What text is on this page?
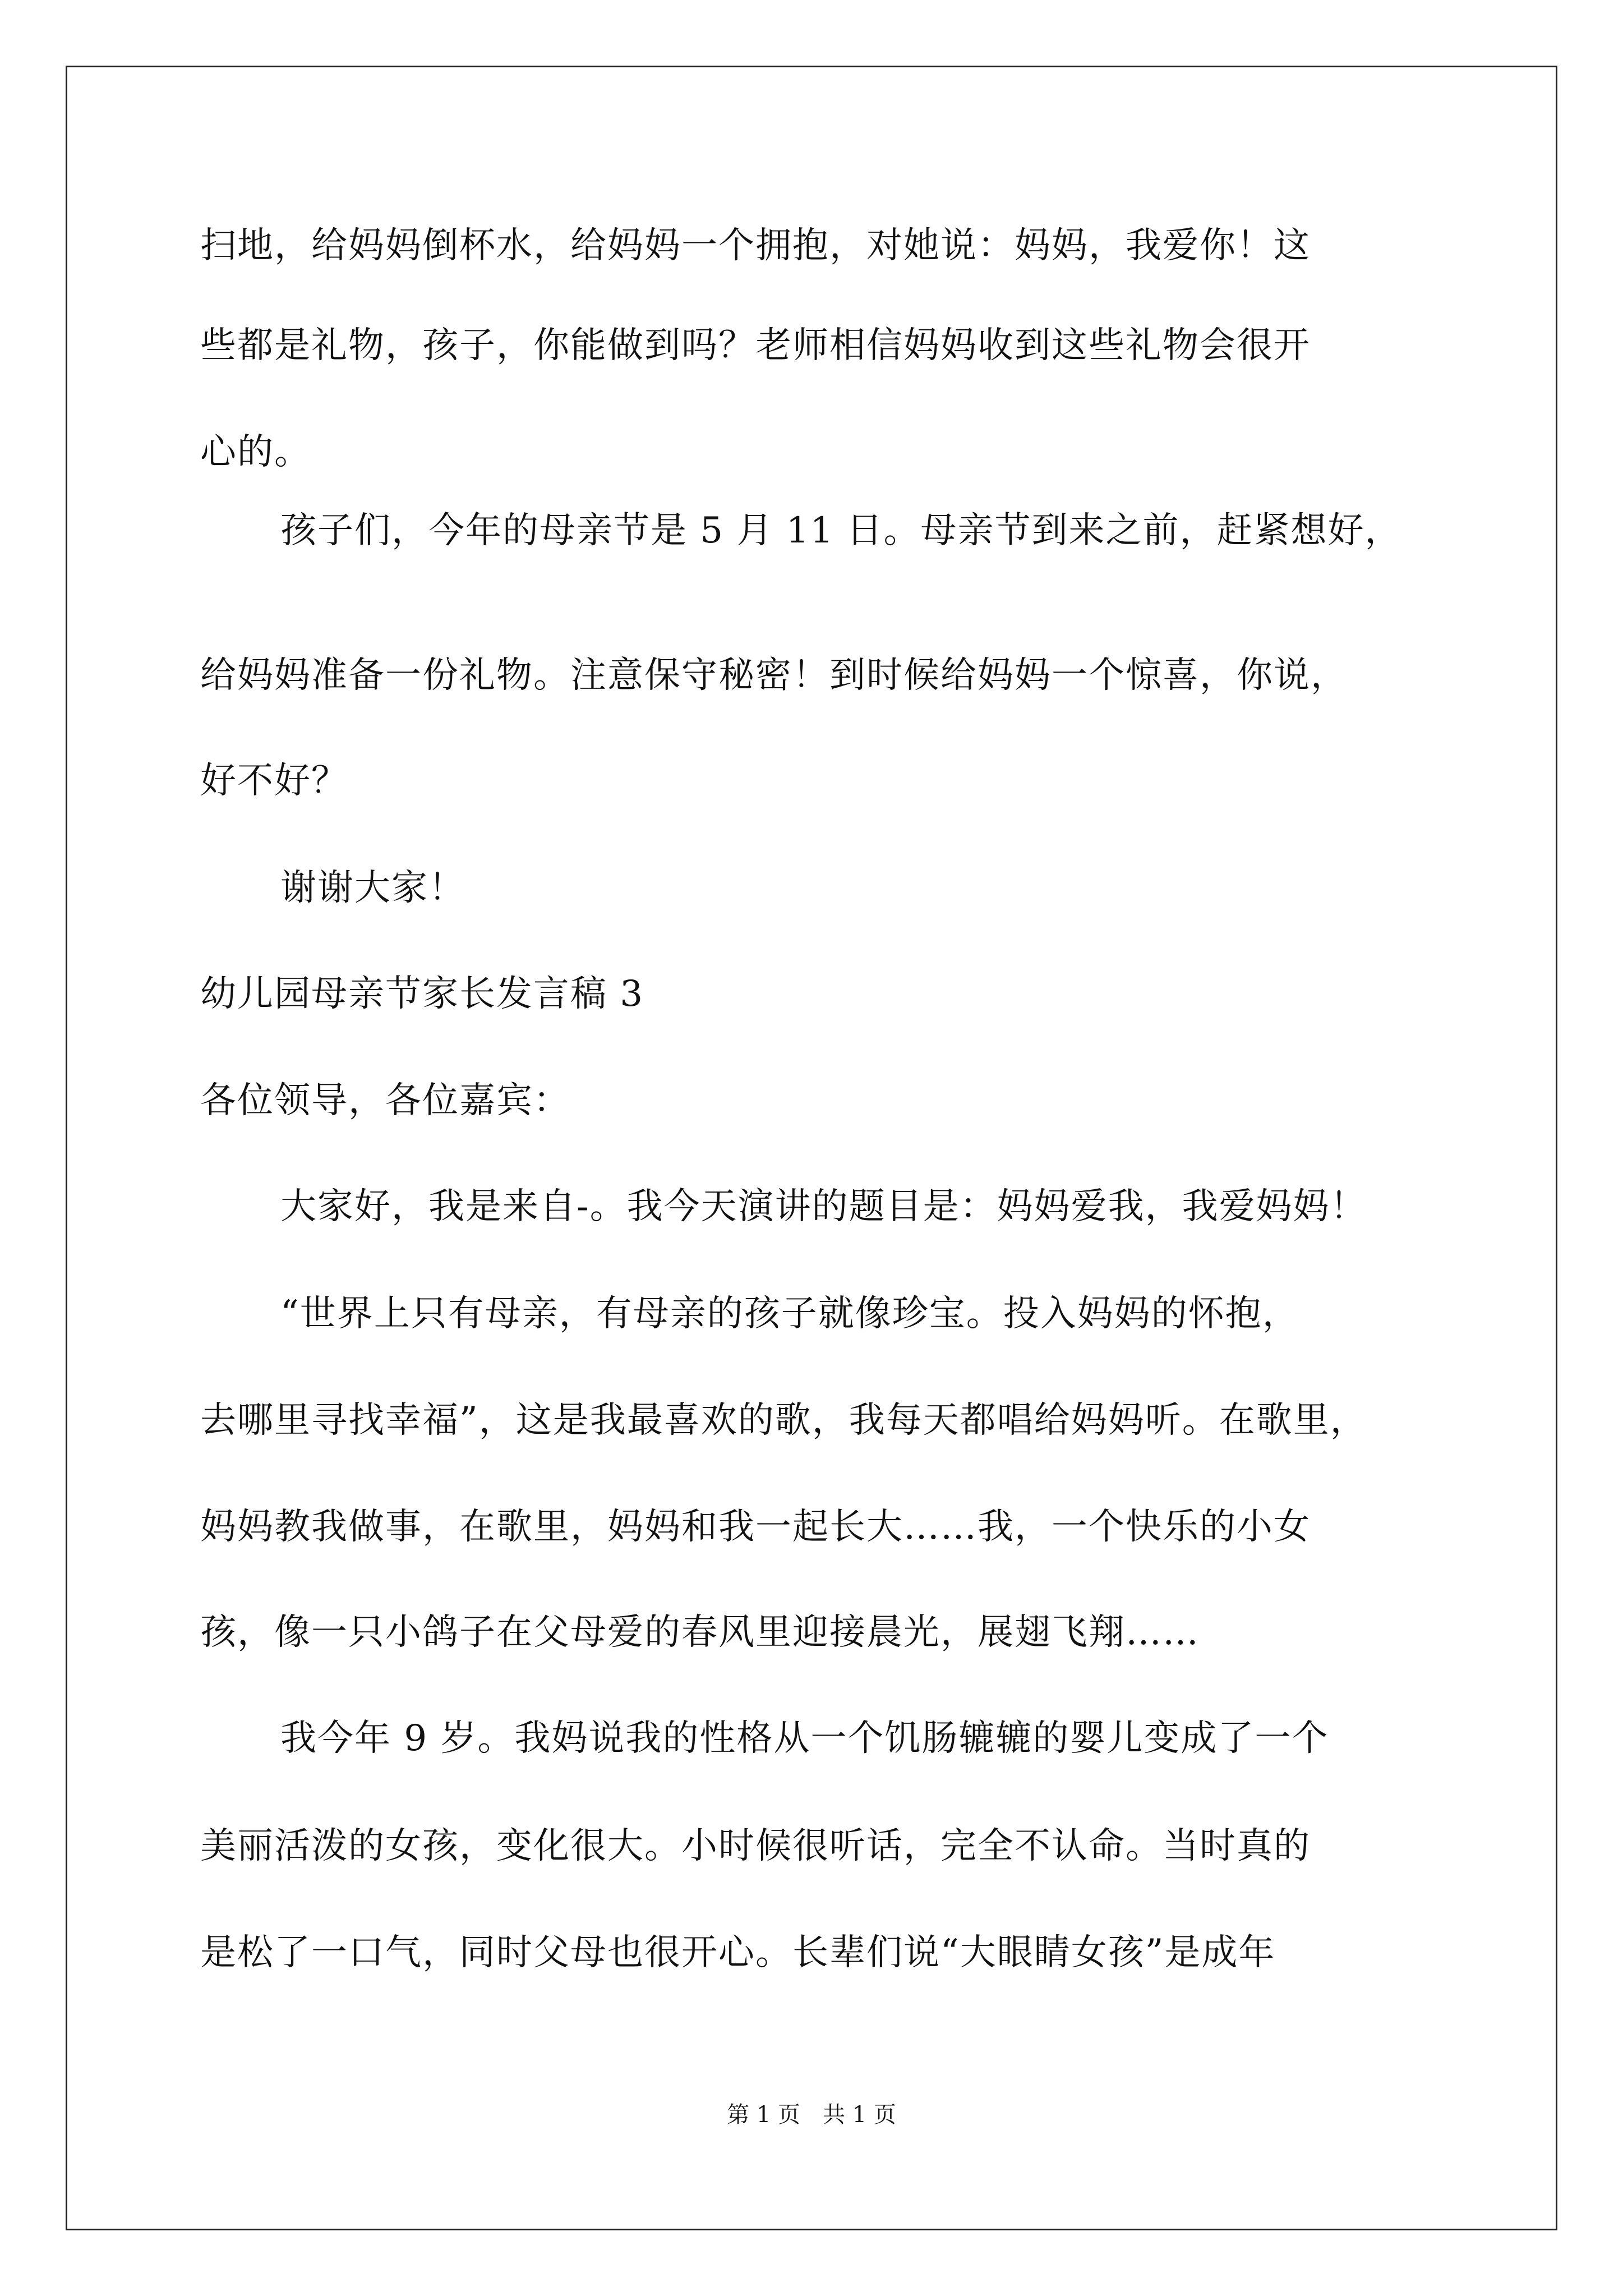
扫地，给妈妈倒杯水，给妈妈一个拥抱，对她说：妈妈，我爱你！这
些都是礼物，孩子，你能做到吗？老师相信妈妈收到这些礼物会很开
心的。
孩子们，今年的母亲节是 5 月 11 日。母亲节到来之前，赶紧想好，
给妈妈准备一份礼物。注意保守秘密！到时候给妈妈一个惊喜，你说，
好不好？
谢谢大家！
幼儿园母亲节家长发言稿 3
各位领导，各位嘉宾：
大家好，我是来自-。我今天演讲的题目是：妈妈爱我，我爱妈妈！
“世界上只有母亲，有母亲的孩子就像珍宝。投入妈妈的怀抱，
去哪里寻找幸福”，这是我最喜欢的歌，我每天都唱给妈妈听。在歌里，
妈妈教我做事，在歌里，妈妈和我一起长大……我，一个快乐的小女
孩，像一只小鸽子在父母爱的春风里迎接晨光，展翅飞翔……
我今年 9 岁。我妈说我的性格从一个饥肠辘辘的婴儿变成了一个
美丽活泼的女孩，变化很大。小时候很听话，完全不认命。当时真的
是松了一口气，同时父母也很开心。长辈们说“大眼睛女孩”是成年
第 1 页　共 1 页
